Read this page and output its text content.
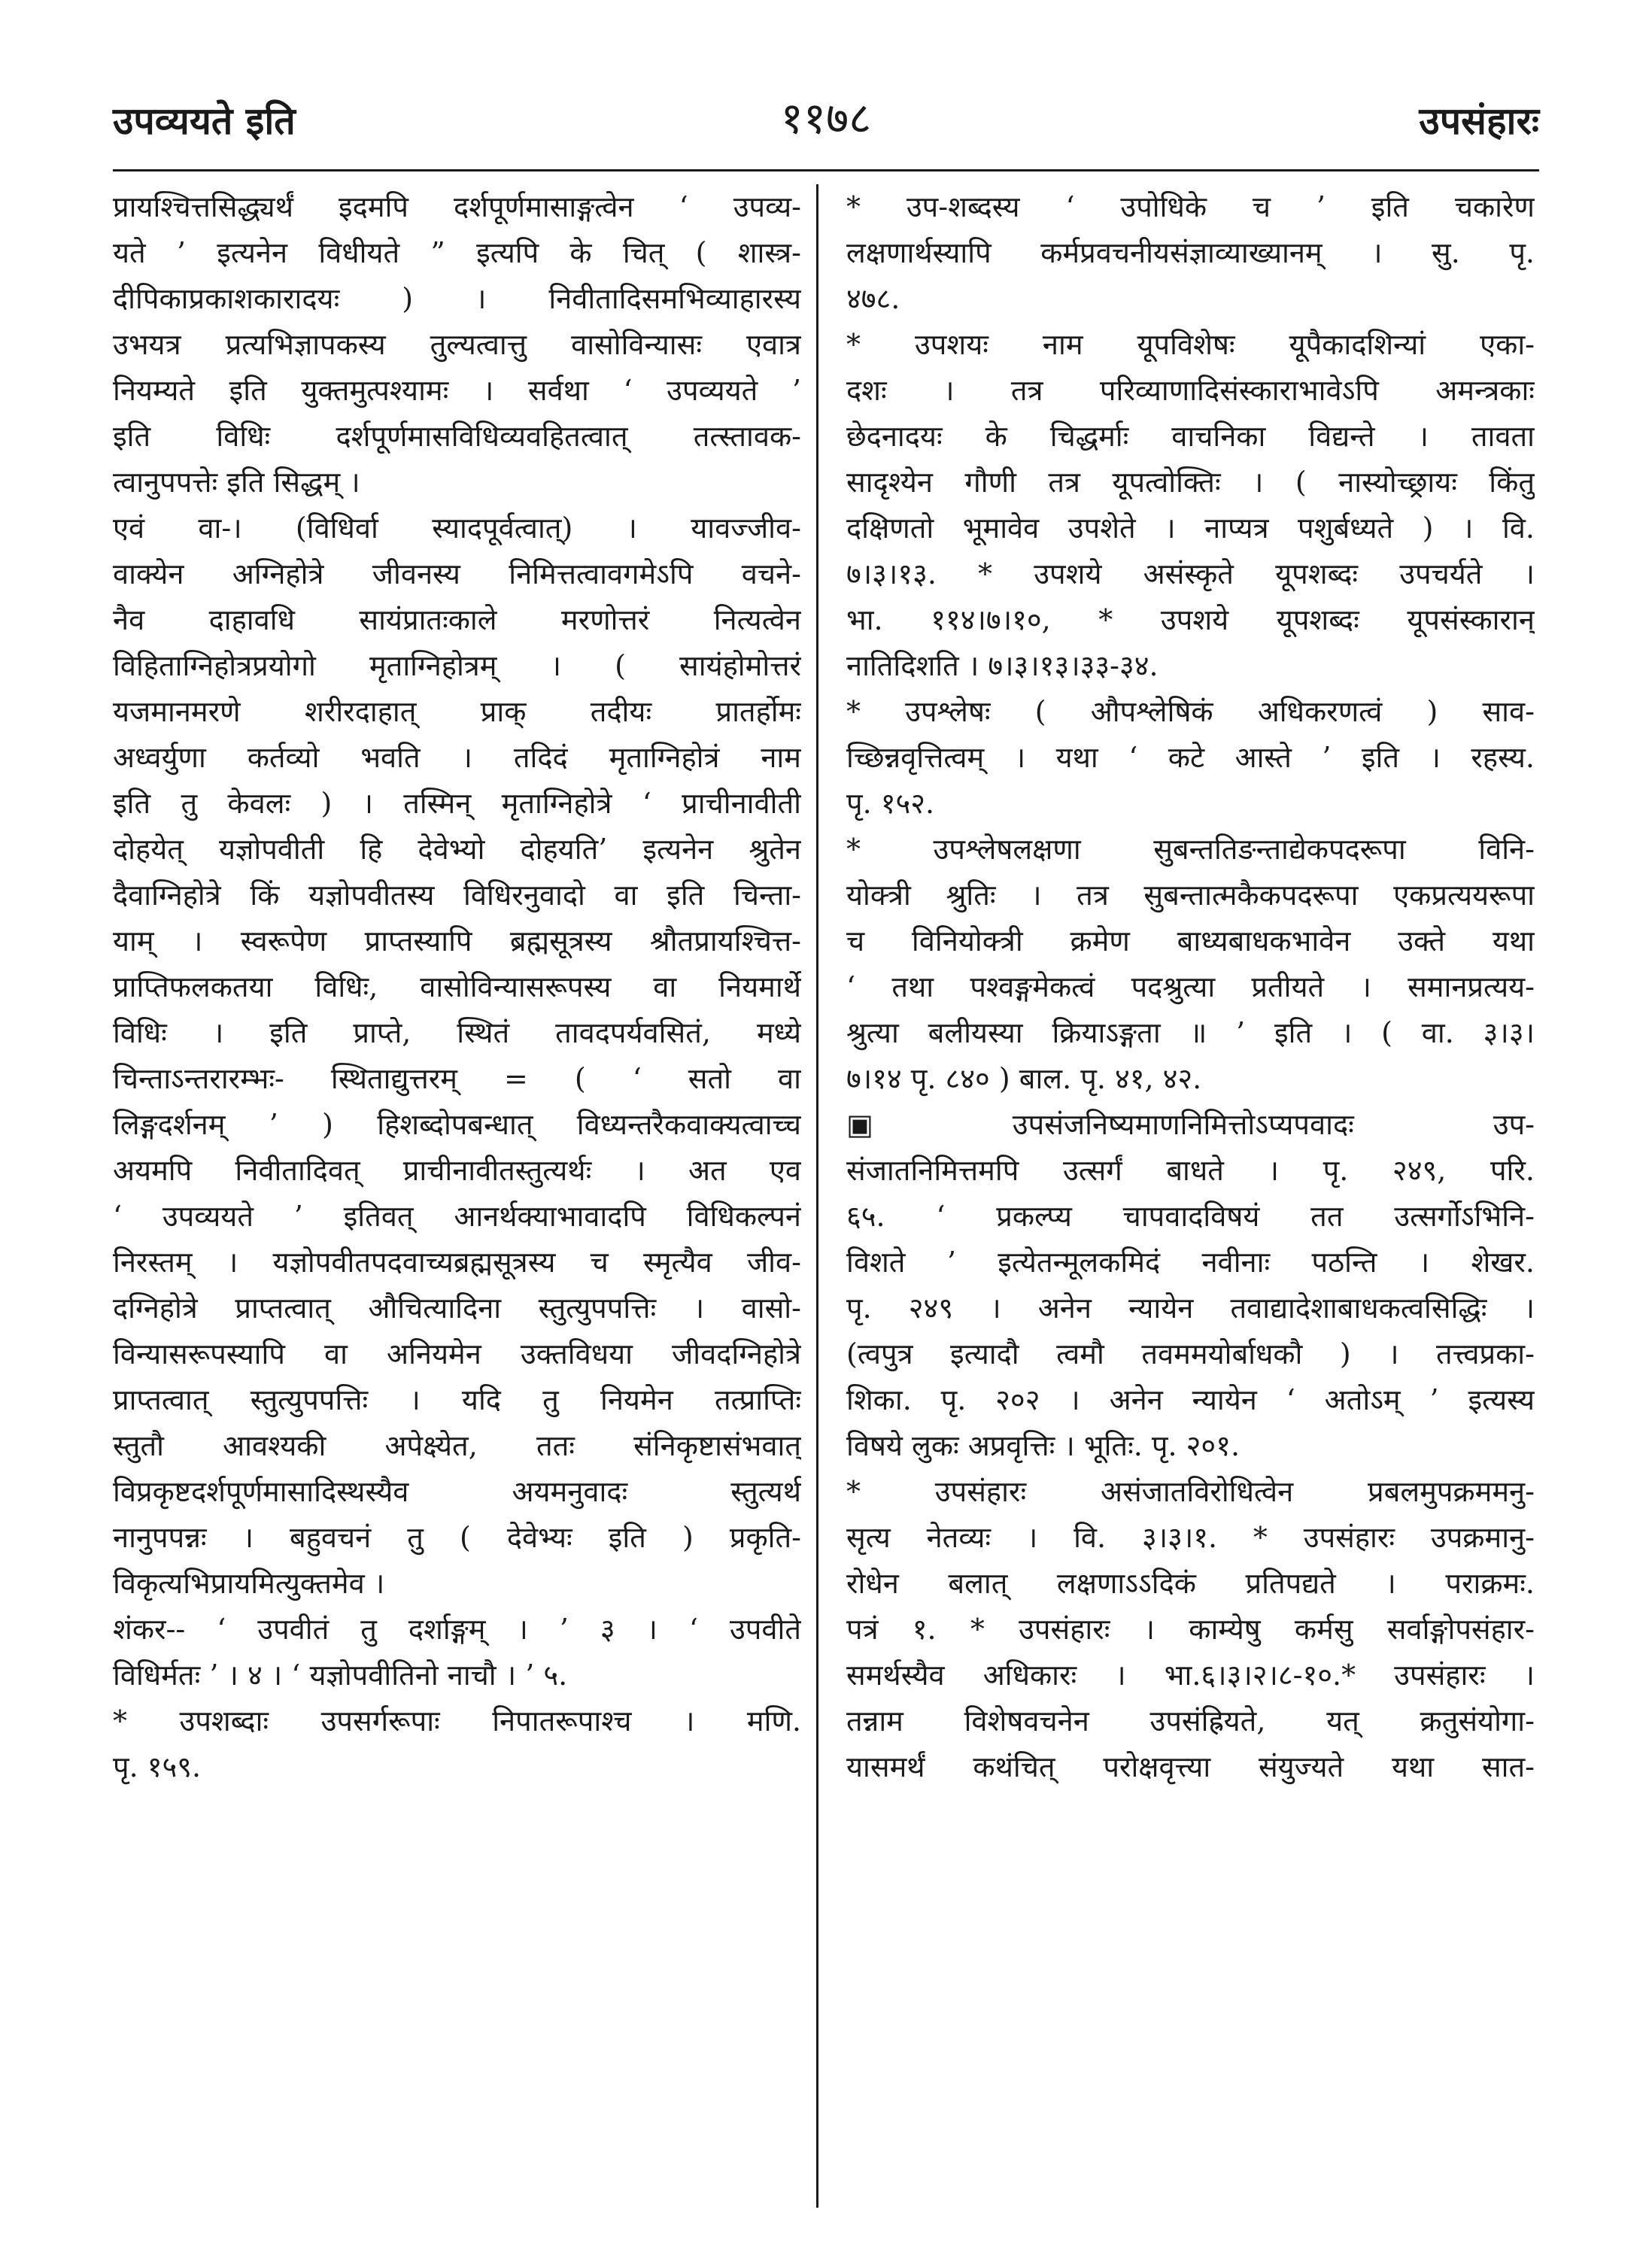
उपव्ययते इति	११७८	उपसंहारः
प्रायश्चित्तसिद्ध्यर्थं इदमपि दर्शपूर्णमासाङ्गत्वेन ‘ उपव्य-
यते ’ इत्यनेन विधीयते ” इत्यपि के चित् ( शास्त्र-
दीपिकाप्रकाशकारादयः ) । निवीतादिसमभिव्याहारस्य
उभयत्र प्रत्यभिज्ञापकस्य तुल्यत्वात्तु वासोविन्यासः एवात्र
नियम्यते इति युक्तमुत्पश्यामः । सर्वथा ‘ उपव्ययते ’
इति विधिः दर्शपूर्णमासविधिव्यवहितत्वात् तत्स्तावक-
त्वानुपपत्तेः इति सिद्धम् ।
एवं वा-। (विधिर्वा स्यादपूर्वत्वात्) । यावज्जीव-
वाक्येन अग्निहोत्रे जीवनस्य निमित्तत्वावगमेऽपि वचने-
नैव दाहावधि सायंप्रातःकाले मरणोत्तरं नित्यत्वेन
विहिताग्निहोत्रप्रयोगो मृताग्निहोत्रम् । ( सायंहोमोत्तरं
यजमानमरणे शरीरदाहात् प्राक् तदीयः प्रातर्होमः
अध्वर्युणा कर्तव्यो भवति । तदिदं मृताग्निहोत्रं नाम
इति तु केवलः ) । तस्मिन् मृताग्निहोत्रे ‘ प्राचीनावीती
दोहयेत् यज्ञोपवीती हि देवेभ्यो दोहयति’ इत्यनेन श्रुतेन
दैवाग्निहोत्रे किं यज्ञोपवीतस्य विधिरनुवादो वा इति चिन्ता-
याम् । स्वरूपेण प्राप्तस्यापि ब्रह्मसूत्रस्य श्रौतप्रायश्चित्त-
प्राप्तिफलकतया विधिः, वासोविन्यासरूपस्य वा नियमार्थे
विधिः । इति प्राप्ते, स्थितं तावदपर्यवसितं, मध्ये
चिन्ताऽन्तरारम्भः- स्थिताद्युत्तरम् = ( ‘ सतो वा
लिङ्गदर्शनम् ’ ) हिशब्दोपबन्धात् विध्यन्तरैकवाक्यत्वाच्च
अयमपि निवीतादिवत् प्राचीनावीतस्तुत्यर्थः । अत एव
‘ उपव्ययते ’ इतिवत् आनर्थक्याभावादपि विधिकल्पनं
निरस्तम् । यज्ञोपवीतपदवाच्यब्रह्मसूत्रस्य च स्मृत्यैव जीव-
दग्निहोत्रे प्राप्तत्वात् औचित्यादिना स्तुत्युपपत्तिः । वासो-
विन्यासरूपस्यापि वा अनियमेन उक्तविधया जीवदग्निहोत्रे
प्राप्तत्वात् स्तुत्युपपत्तिः । यदि तु नियमेन तत्प्राप्तिः
स्तुतौ आवश्यकी अपेक्ष्येत, ततः संनिकृष्टासंभवात्
विप्रकृष्टदर्शपूर्णमासादिस्थस्यैव अयमनुवादः स्तुत्यर्थ
नानुपपन्नः । बहुवचनं तु ( देवेभ्यः इति ) प्रकृति-
विकृत्यभिप्रायमित्युक्तमेव ।
शंकर-- ‘ उपवीतं तु दर्शाङ्गम् । ’ ३ । ‘ उपवीते
विधिर्मतः ’ । ४ । ‘ यज्ञोपवीतिनो नाचौ । ’ ५.
* उपशब्दाः उपसर्गरूपाः निपातरूपाश्च । मणि.
पृ. १५९.
* उप-शब्दस्य ‘ उपोधिके च ’ इति चकारेण
लक्षणार्थस्यापि कर्मप्रवचनीयसंज्ञाव्याख्यानम् । सु. पृ.
४७८.
* उपशयः नाम यूपविशेषः यूपैकादशिन्यां एका-
दशः । तत्र परिव्याणादिसंस्काराभावेऽपि अमन्त्रकाः
छेदनादयः के चिद्धर्माः वाचनिका विद्यन्ते । तावता
सादृश्येन गौणी तत्र यूपत्वोक्तिः । ( नास्योच्छ्रायः किंतु
दक्षिणतो भूमावेव उपशेते । नाप्यत्र पशुर्बध्यते ) । वि.
७।३।१३. * उपशये असंस्कृते यूपशब्दः उपचर्यते ।
भा. ११४।७।१०, * उपशये यूपशब्दः यूपसंस्कारान्
नातिदिशति । ७।३।१३।३३-३४.
* उपश्लेषः ( औपश्लेषिकं अधिकरणत्वं ) साव-
च्छिन्नवृत्तित्वम् । यथा ‘ कटे आस्ते ’ इति । रहस्य.
पृ. १५२.
* उपश्लेषलक्षणा सुबन्ततिङन्ताद्येकपदरूपा विनि-
योक्त्री श्रुतिः । तत्र सुबन्तात्मकैकपदरूपा एकप्रत्ययरूपा
च विनियोक्त्री क्रमेण बाध्यबाधकभावेन उक्ते यथा
‘ तथा पश्वङ्गमेकत्वं पदश्रुत्या प्रतीयते । समानप्रत्यय-
श्रुत्या बलीयस्या क्रियाऽङ्गता ॥ ’ इति । ( वा. ३।३।
७।१४ पृ. ८४० ) बाल. पृ. ४१, ४२.
▣ उपसंजनिष्यमाणनिमित्तोऽप्यपवादः उप-
संजातनिमित्तमपि उत्सर्गं बाधते । पृ. २४९, परि.
६५. ‘ प्रकल्प्य चापवादविषयं तत उत्सर्गोऽभिनि-
विशते ’ इत्येतन्मूलकमिदं नवीनाः पठन्ति । शेखर.
पृ. २४९ । अनेन न्यायेन तवाद्यादेशाबाधकत्वसिद्धिः ।
(त्वपुत्र इत्यादौ त्वमौ तवममयोर्बाधकौ ) । तत्त्वप्रका-
शिका. पृ. २०२ । अनेन न्यायेन ‘ अतोऽम् ’ इत्यस्य
विषये लुकः अप्रवृत्तिः । भूतिः. पृ. २०१.
* उपसंहारः असंजातविरोधित्वेन प्रबलमुपक्रममनु-
सृत्य नेतव्यः । वि. ३।३।१. * उपसंहारः उपक्रमानु-
रोधेन बलात् लक्षणाऽऽदिकं प्रतिपद्यते । पराक्रमः.
पत्रं १. * उपसंहारः । काम्येषु कर्मसु सर्वाङ्गोपसंहार-
समर्थस्यैव अधिकारः । भा.६।३।२।८-१०.* उपसंहारः ।
तन्नाम विशेषवचनेन उपसंह्रियते, यत् क्रतुसंयोगा-
यासमर्थं कथंचित् परोक्षवृत्त्या संयुज्यते यथा सात-
